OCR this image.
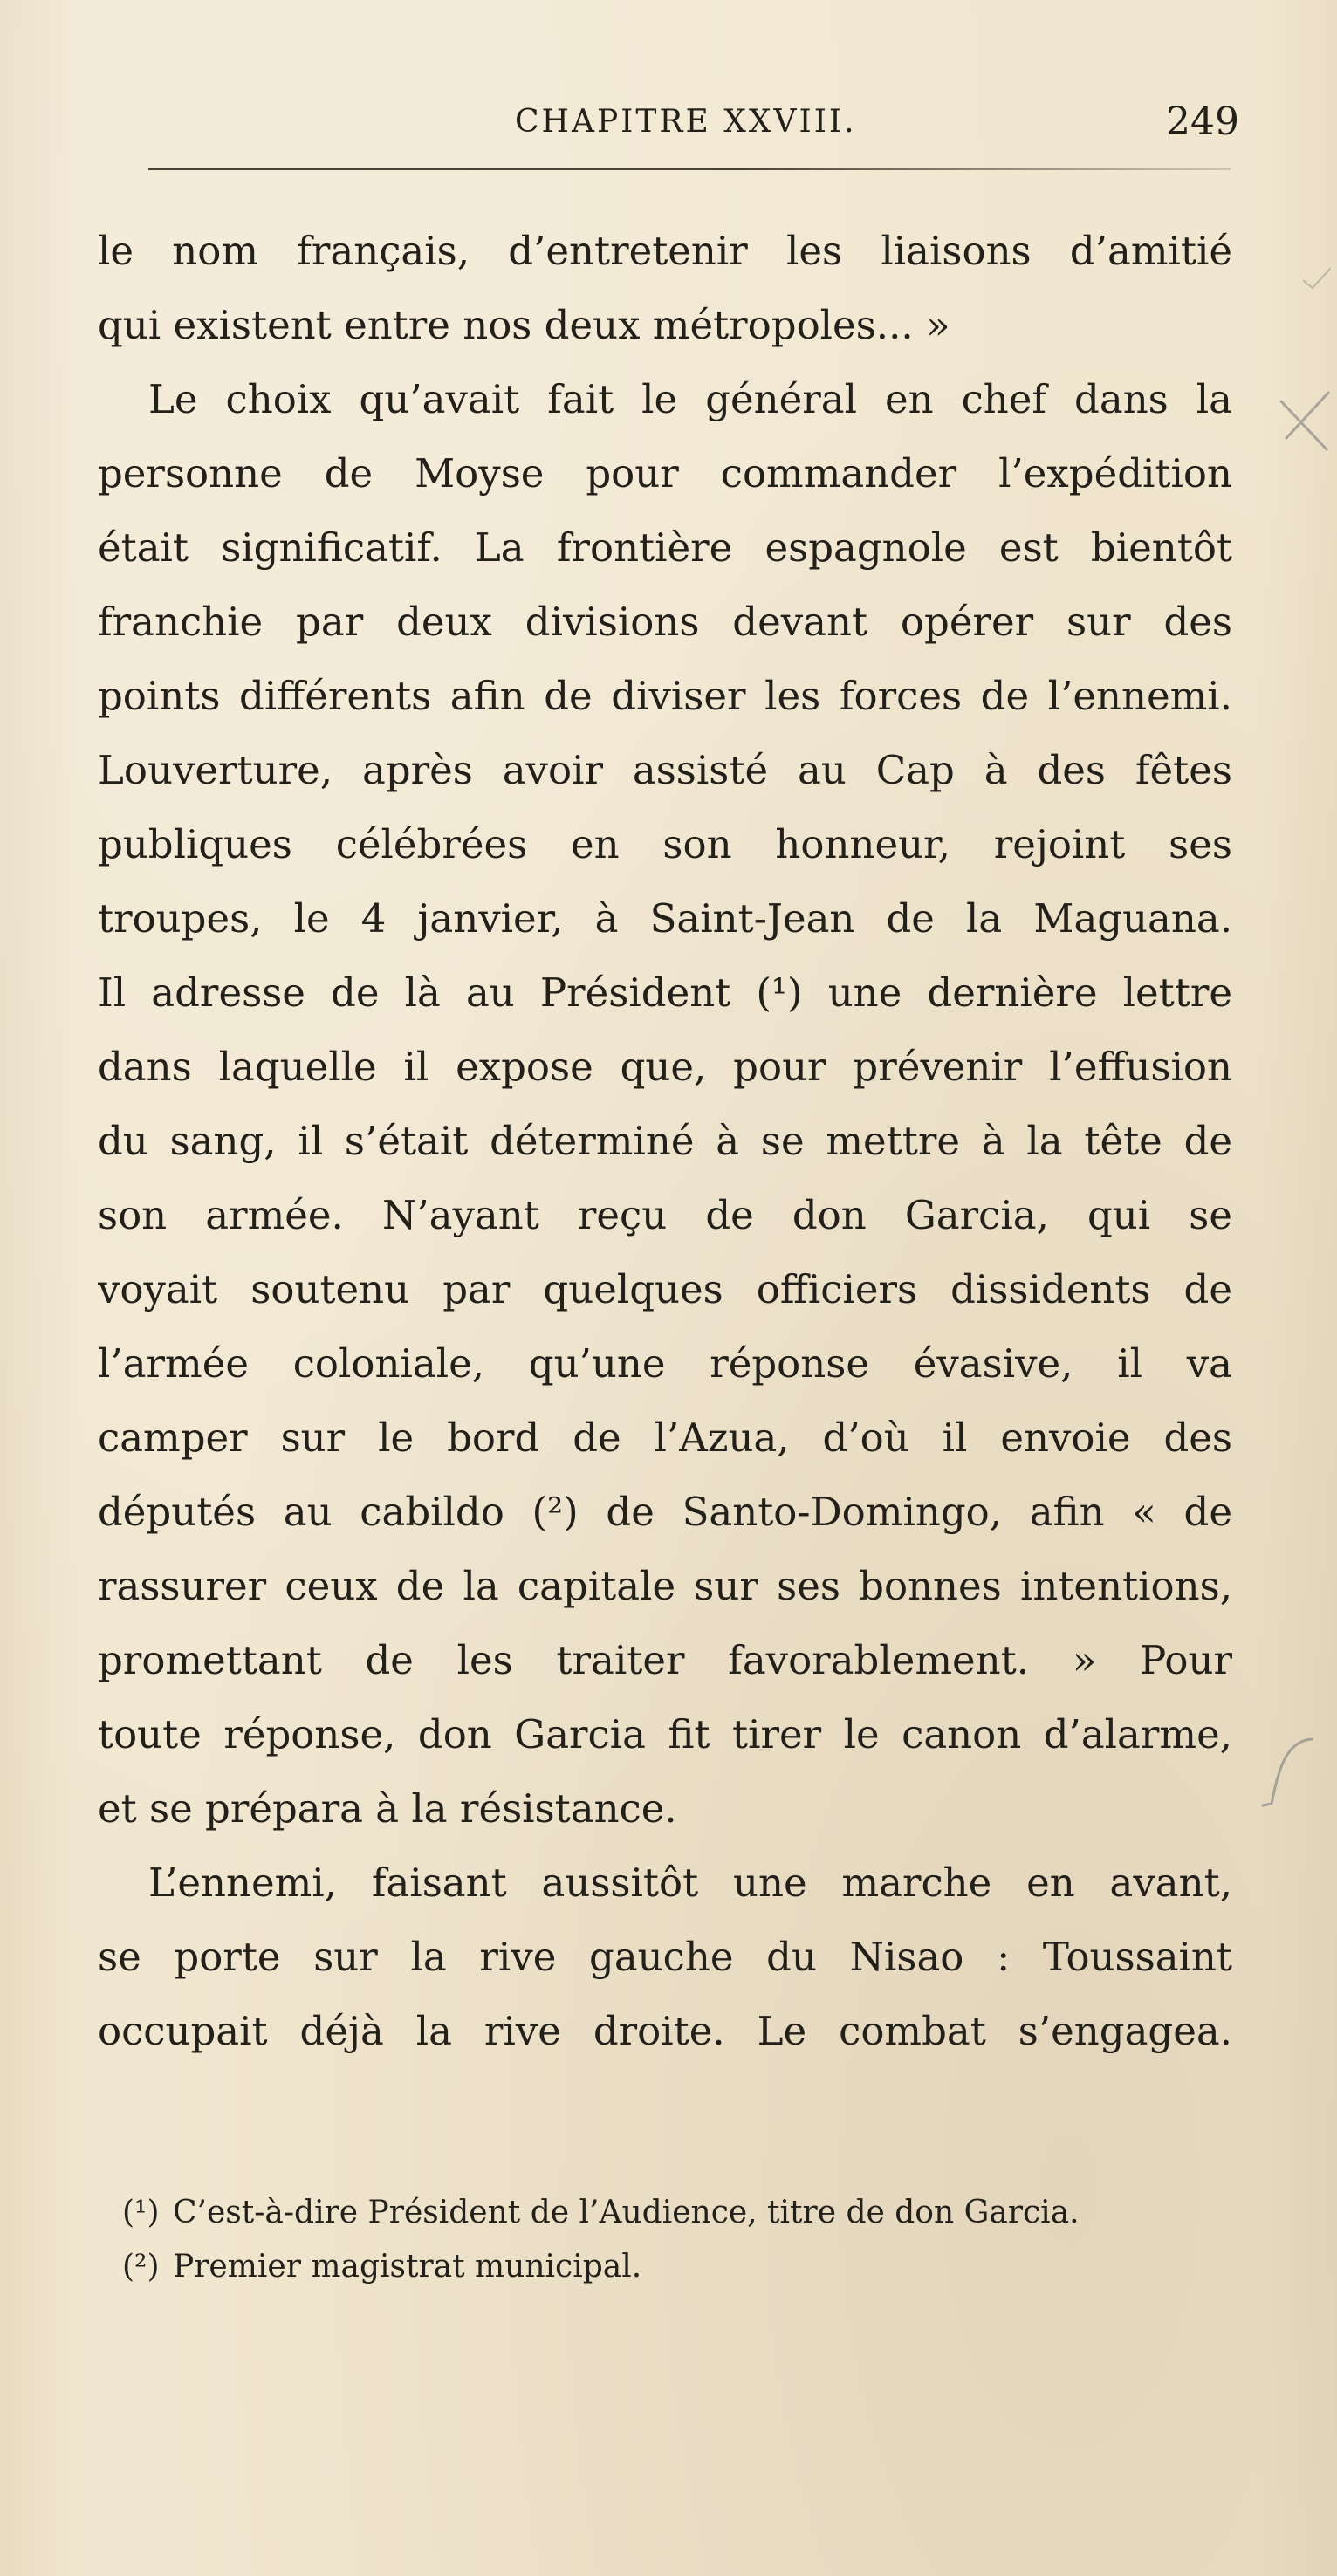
CHAPITRE XXVIII.	249
le nom français, d’entretenir les liaisons d’amitié
qui existent entre nos deux métropoles... »
Le choix qu’avait fait le général en chef dans la
personne de Moyse pour commander l’expédition
était significatif. La frontière espagnole est bientôt
franchie par deux divisions devant opérer sur des
points différents afin de diviser les forces de l’ennemi.
Louverture, après avoir assisté au Cap à des fêtes
publiques célébrées en son honneur, rejoint ses
troupes, le 4 janvier, à Saint-Jean de la Maguana.
Il adresse de là au Président (¹) une dernière lettre
dans laquelle il expose que, pour prévenir l’effusion
du sang, il s’était déterminé à se mettre à la tête de
son armée. N’ayant reçu de don Garcia, qui se
voyait soutenu par quelques officiers dissidents de
l’armée coloniale, qu’une réponse évasive, il va
camper sur le bord de l’Azua, d’où il envoie des
députés au cabildo (²) de Santo-Domingo, afin « de
rassurer ceux de la capitale sur ses bonnes intentions,
promettant de les traiter favorablement. » Pour
toute réponse, don Garcia fit tirer le canon d’alarme,
et se prépara à la résistance.
L’ennemi, faisant aussitôt une marche en avant,
se porte sur la rive gauche du Nisao : Toussaint
occupait déjà la rive droite. Le combat s’engagea.
(¹) C’est-à-dire Président de l’Audience, titre de don Garcia.
(²) Premier magistrat municipal.
